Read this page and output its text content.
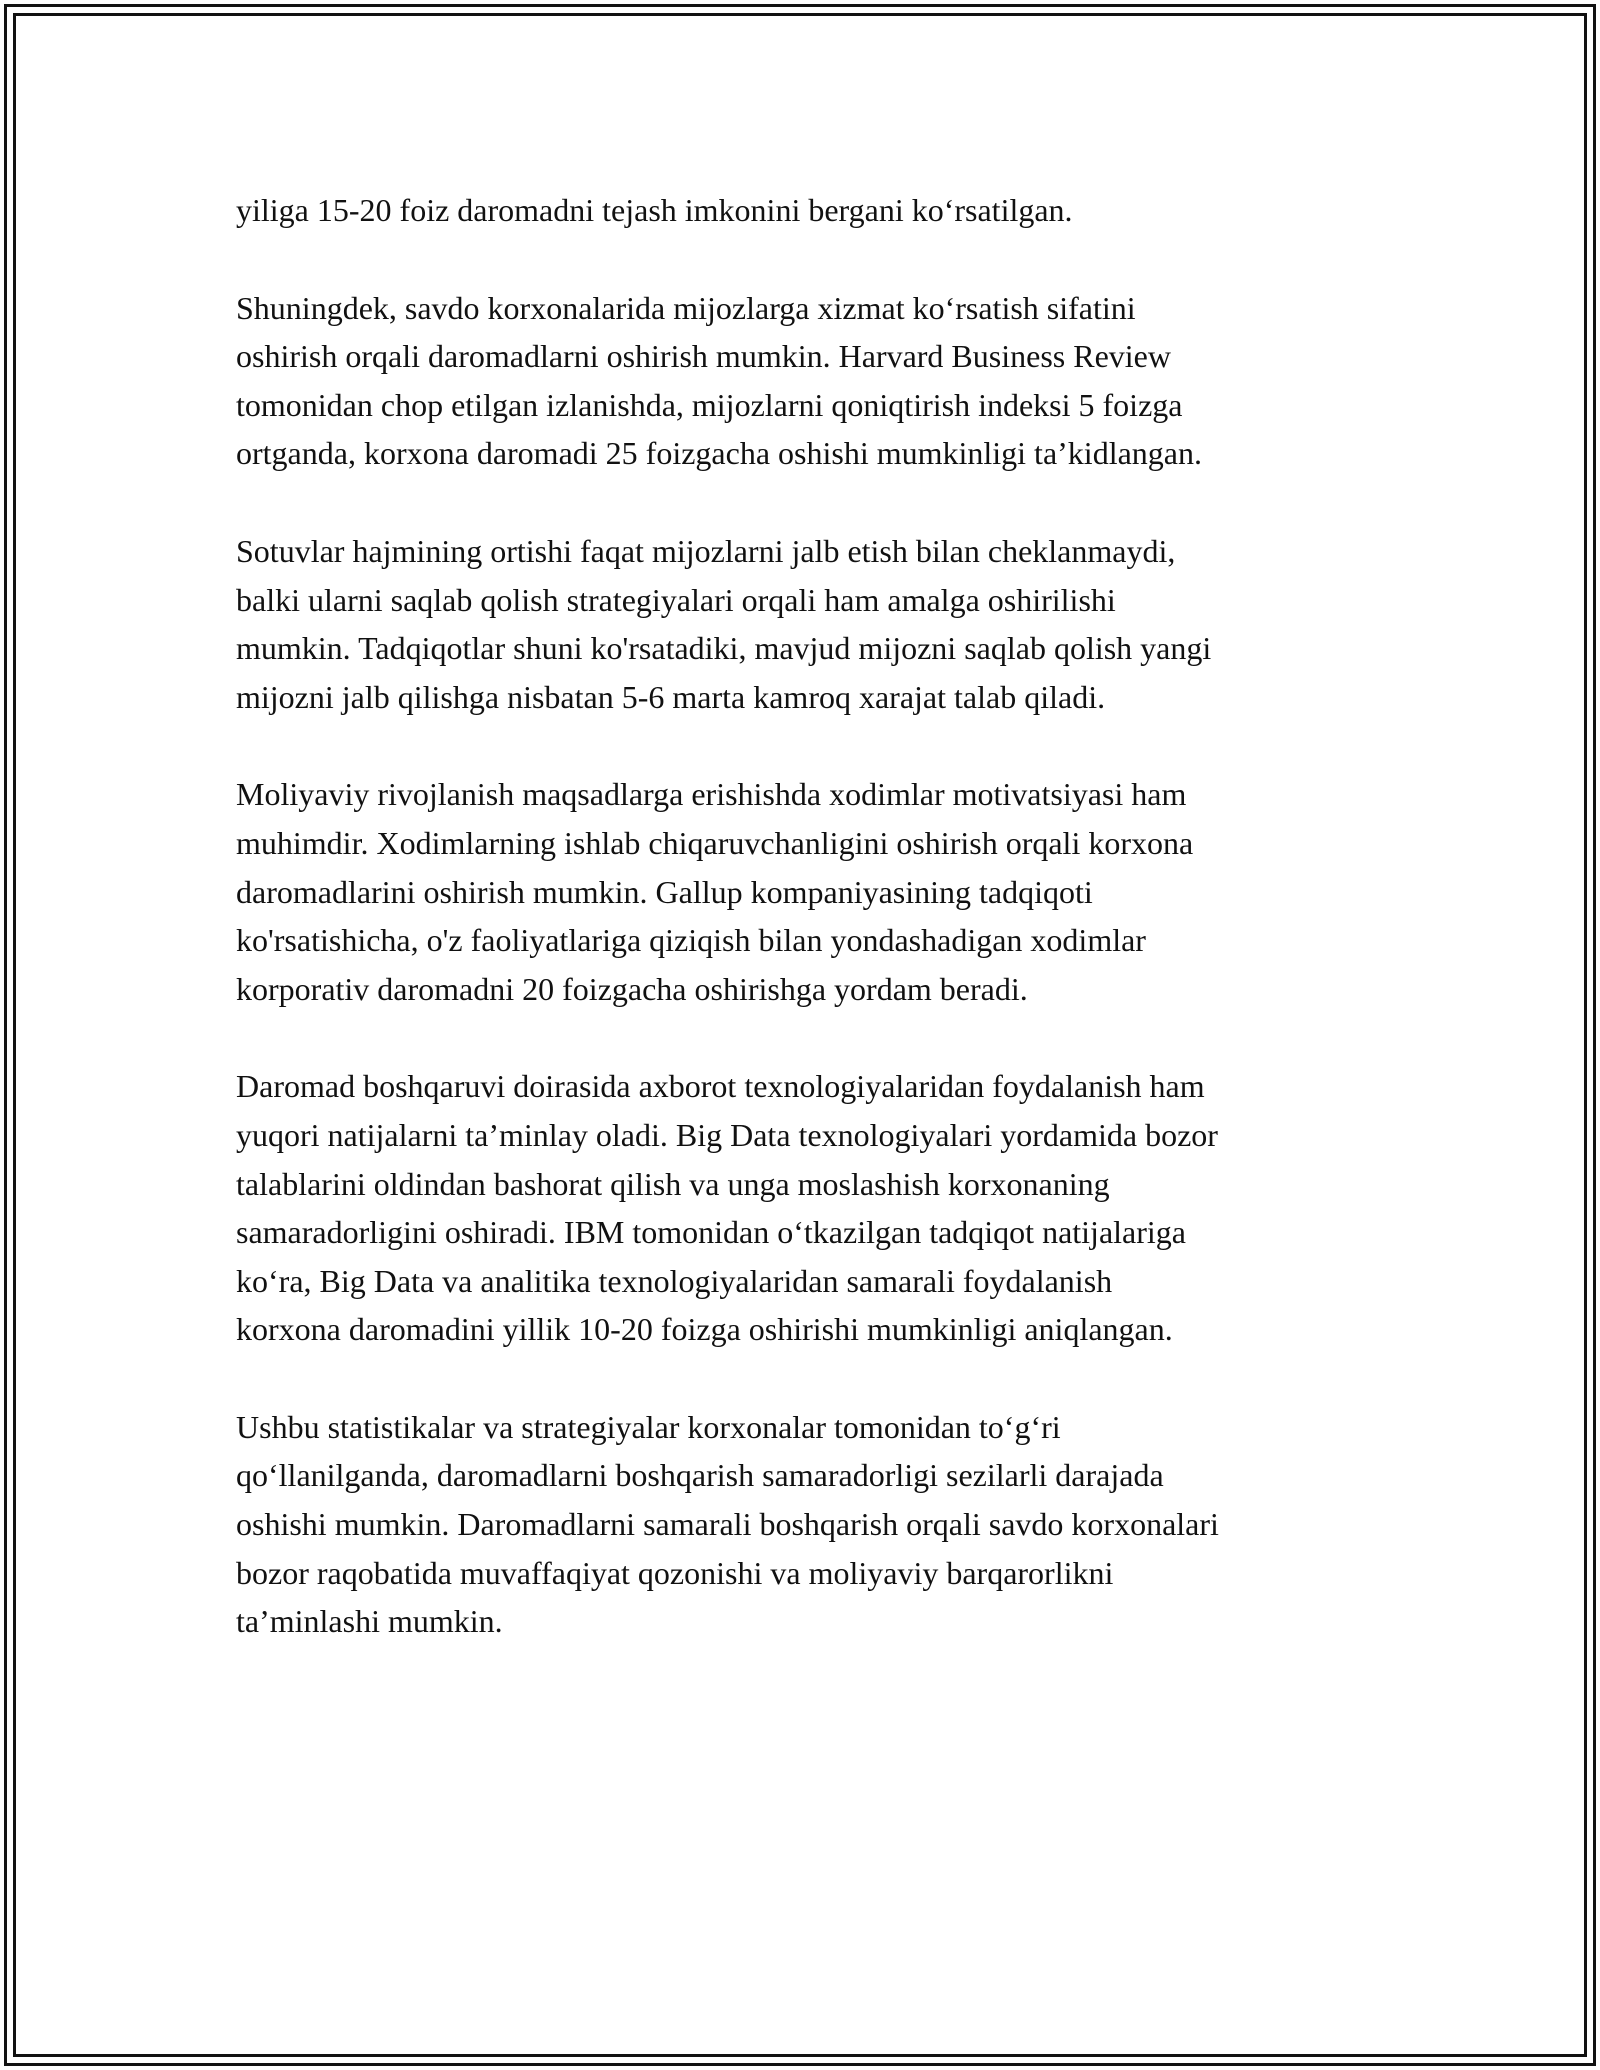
yiliga 15-20 foiz daromadni tejash imkonini bergani ko‘rsatilgan.

Shuningdek, savdo korxonalarida mijozlarga xizmat ko‘rsatish sifatini
oshirish orqali daromadlarni oshirish mumkin. Harvard Business Review
tomonidan chop etilgan izlanishda, mijozlarni qoniqtirish indeksi 5 foizga
ortganda, korxona daromadi 25 foizgacha oshishi mumkinligi ta’kidlangan.

Sotuvlar hajmining ortishi faqat mijozlarni jalb etish bilan cheklanmaydi,
balki ularni saqlab qolish strategiyalari orqali ham amalga oshirilishi
mumkin. Tadqiqotlar shuni ko'rsatadiki, mavjud mijozni saqlab qolish yangi
mijozni jalb qilishga nisbatan 5-6 marta kamroq xarajat talab qiladi.

Moliyaviy rivojlanish maqsadlarga erishishda xodimlar motivatsiyasi ham
muhimdir. Xodimlarning ishlab chiqaruvchanligini oshirish orqali korxona
daromadlarini oshirish mumkin. Gallup kompaniyasining tadqiqoti
ko'rsatishicha, o'z faoliyatlariga qiziqish bilan yondashadigan xodimlar
korporativ daromadni 20 foizgacha oshirishga yordam beradi.

Daromad boshqaruvi doirasida axborot texnologiyalaridan foydalanish ham
yuqori natijalarni ta’minlay oladi. Big Data texnologiyalari yordamida bozor
talablarini oldindan bashorat qilish va unga moslashish korxonaning
samaradorligini oshiradi. IBM tomonidan o‘tkazilgan tadqiqot natijalariga
ko‘ra, Big Data va analitika texnologiyalaridan samarali foydalanish
korxona daromadini yillik 10-20 foizga oshirishi mumkinligi aniqlangan.

Ushbu statistikalar va strategiyalar korxonalar tomonidan to‘g‘ri
qo‘llanilganda, daromadlarni boshqarish samaradorligi sezilarli darajada
oshishi mumkin. Daromadlarni samarali boshqarish orqali savdo korxonalari
bozor raqobatida muvaffaqiyat qozonishi va moliyaviy barqarorlikni
ta’minlashi mumkin.
